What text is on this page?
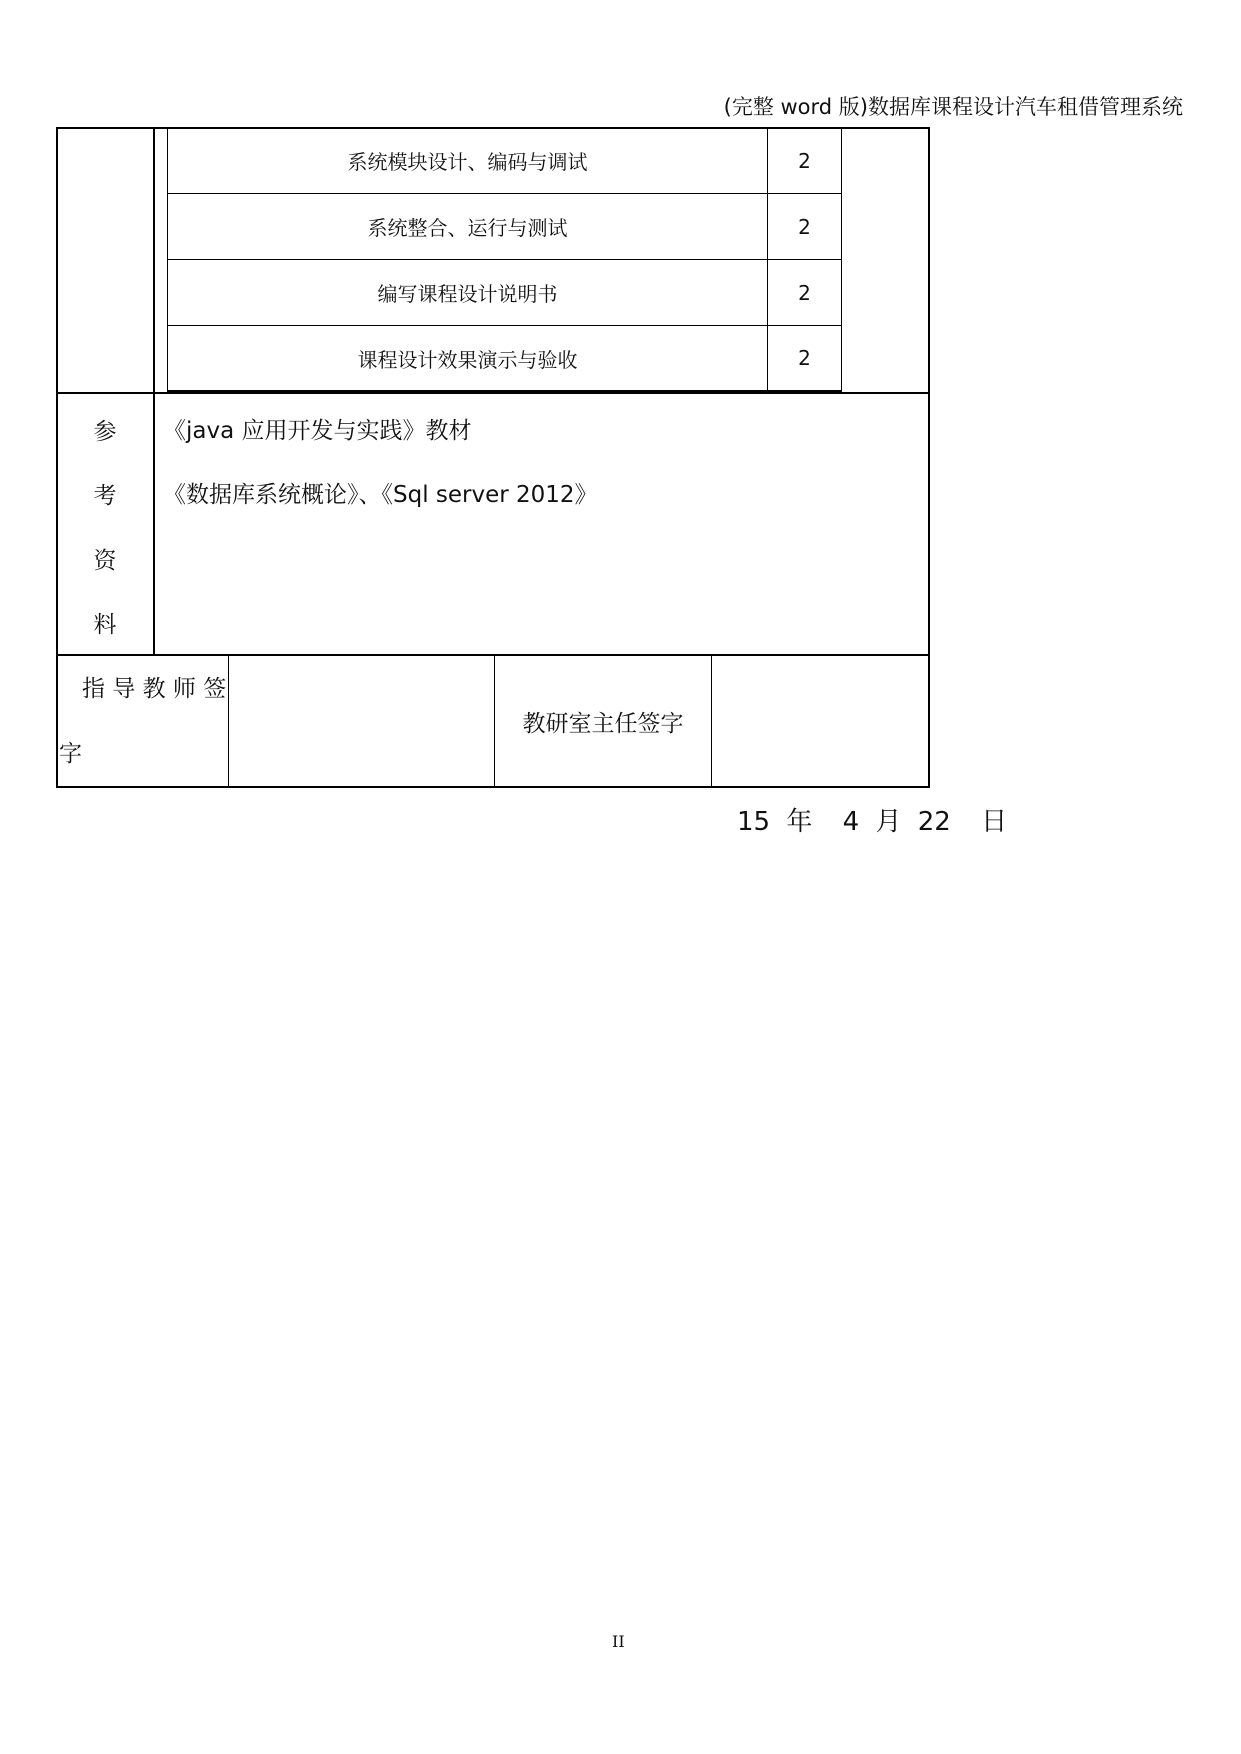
(完整 word 版)数据库课程设计汽车租借管理系统
系统模块设计、编码与调试	2
系统整合、运行与测试	2
编写课程设计说明书	2
课程设计效果演示与验收	2
参
考
资
料
《java 应用开发与实践》教材
《数据库系统概论》、《Sql server 2012》
指 导 教 师 签
字
教研室主任签字
15 年 4 月 22 日
II
